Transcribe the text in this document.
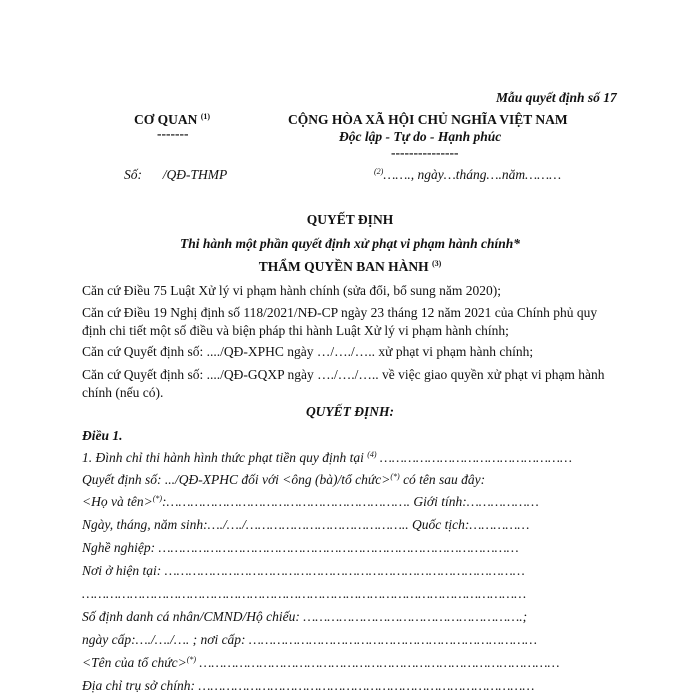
Mẫu quyết định số 17
CƠ QUAN $^{(1)}$
-------
CỘNG HÒA XÃ HỘI CHỦ NGHĨA VIỆT NAM
Độc lập - Tự do - Hạnh phúc
---------------
Số: /QĐ-THMP	$^{(2)}$……., ngày…tháng….năm………
QUYẾT ĐỊNH
Thi hành một phần quyết định xử phạt vi phạm hành chính*
THẨM QUYỀN BAN HÀNH $^{(3)}$
Căn cứ Điều 75 Luật Xử lý vi phạm hành chính (sửa đổi, bổ sung năm 2020);
Căn cứ Điều 19 Nghị định số 118/2021/NĐ-CP ngày 23 tháng 12 năm 2021 của Chính phủ quy định chi tiết một số điều và biện pháp thi hành Luật Xử lý vi phạm hành chính;
Căn cứ Quyết định số: ..../QĐ-XPHC ngày …/…./….. xử phạt vi phạm hành chính;
Căn cứ Quyết định số: ..../QĐ-GQXP ngày …./…./….. về việc giao quyền xử phạt vi phạm hành chính (nếu có).
QUYẾT ĐỊNH:
Điều 1.
1. Đình chỉ thi hành hình thức phạt tiền quy định tại $^{(4)}$ …………………………………………
Quyết định số: .../QĐ-XPHC đối với <ông (bà)/tổ chức>(*) có tên sau đây:
<Họ và tên>(*):……………………………………………………. Giới tính:………………
Ngày, tháng, năm sinh:…./…./………………………………….. Quốc tịch:……………
Nghề nghiệp: ………………………………………………………………………………
Nơi ở hiện tại: ………………………………………………………………………………
…………………………………………………………………………………………………
Số định danh cá nhân/CMND/Hộ chiếu: ……………………………………………….;
ngày cấp:…./…./…. ; nơi cấp: ………………………………………………………………
<Tên của tổ chức>(*) ………………………………………………………………………………
Địa chỉ trụ sở chính: …………………………………………………………………………
